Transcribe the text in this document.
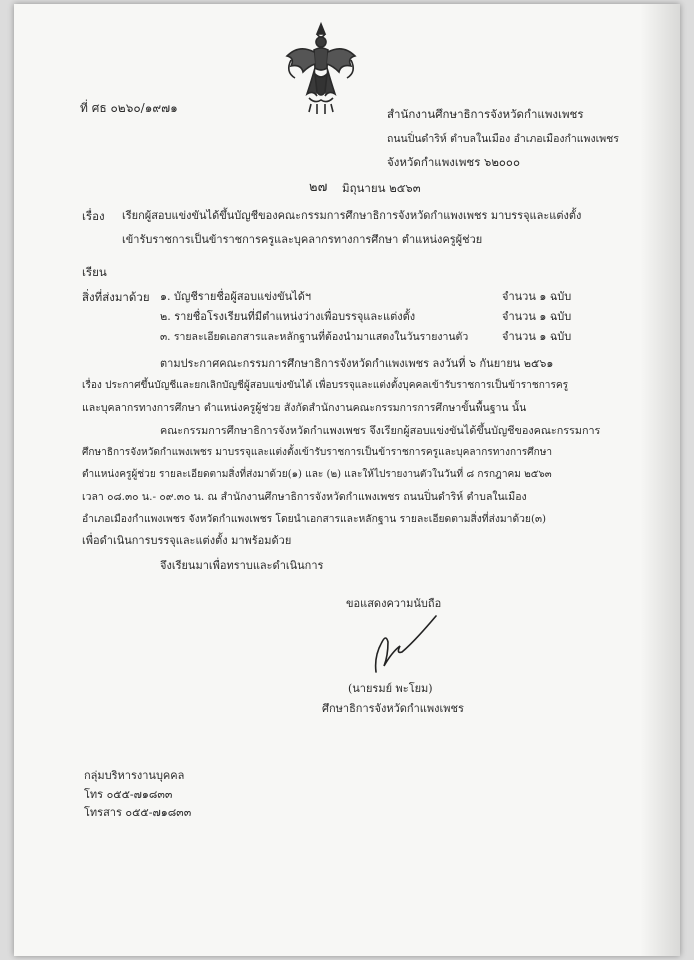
ที่ ศธ ๐๒๖๐/๑๙๗๑	สำนักงานศึกษาธิการจังหวัดกำแพงเพชร
ถนนปิ่นดำริห์ ตำบลในเมือง อำเภอเมืองกำแพงเพชร
จังหวัดกำแพงเพชร ๖๒๐๐๐
๒๗ มิถุนายน ๒๕๖๓
เรื่อง เรียกผู้สอบแข่งขันได้ขึ้นบัญชีของคณะกรรมการศึกษาธิการจังหวัดกำแพงเพชร มาบรรจุและแต่งตั้ง
เข้ารับราชการเป็นข้าราชการครูและบุคลากรทางการศึกษา ตำแหน่งครูผู้ช่วย
เรียน
สิ่งที่ส่งมาด้วย ๑. บัญชีรายชื่อผู้สอบแข่งขันได้ฯ	จำนวน ๑ ฉบับ
๒. รายชื่อโรงเรียนที่มีตำแหน่งว่างเพื่อบรรจุและแต่งตั้ง	จำนวน ๑ ฉบับ
๓. รายละเอียดเอกสารและหลักฐานที่ต้องนำมาแสดงในวันรายงานตัว	จำนวน ๑ ฉบับ
ตามประกาศคณะกรรมการศึกษาธิการจังหวัดกำแพงเพชร ลงวันที่ ๖ กันยายน ๒๕๖๑
เรื่อง ประกาศขึ้นบัญชีและยกเลิกบัญชีผู้สอบแข่งขันได้ เพื่อบรรจุและแต่งตั้งบุคคลเข้ารับราชการเป็นข้าราชการครู
และบุคลากรทางการศึกษา ตำแหน่งครูผู้ช่วย สังกัดสำนักงานคณะกรรมการการศึกษาขั้นพื้นฐาน นั้น
คณะกรรมการศึกษาธิการจังหวัดกำแพงเพชร จึงเรียกผู้สอบแข่งขันได้ขึ้นบัญชีของคณะกรรมการ
ศึกษาธิการจังหวัดกำแพงเพชร มาบรรจุและแต่งตั้งเข้ารับราชการเป็นข้าราชการครูและบุคลากรทางการศึกษา
ตำแหน่งครูผู้ช่วย รายละเอียดตามสิ่งที่ส่งมาด้วย(๑) และ (๒) และให้ไปรายงานตัวในวันที่ ๘ กรกฎาคม ๒๕๖๓
เวลา ๐๘.๓๐ น.- ๐๙.๓๐ น. ณ สำนักงานศึกษาธิการจังหวัดกำแพงเพชร ถนนปิ่นดำริห์ ตำบลในเมือง
อำเภอเมืองกำแพงเพชร จังหวัดกำแพงเพชร โดยนำเอกสารและหลักฐาน รายละเอียดตามสิ่งที่ส่งมาด้วย(๓)
เพื่อดำเนินการบรรจุและแต่งตั้ง มาพร้อมด้วย
จึงเรียนมาเพื่อทราบและดำเนินการ
ขอแสดงความนับถือ
(นายรมย์ พะโยม)
ศึกษาธิการจังหวัดกำแพงเพชร
กลุ่มบริหารงานบุคคล
โทร ๐๕๕-๗๑๘๓๓
โทรสาร ๐๕๕-๗๑๘๓๓
